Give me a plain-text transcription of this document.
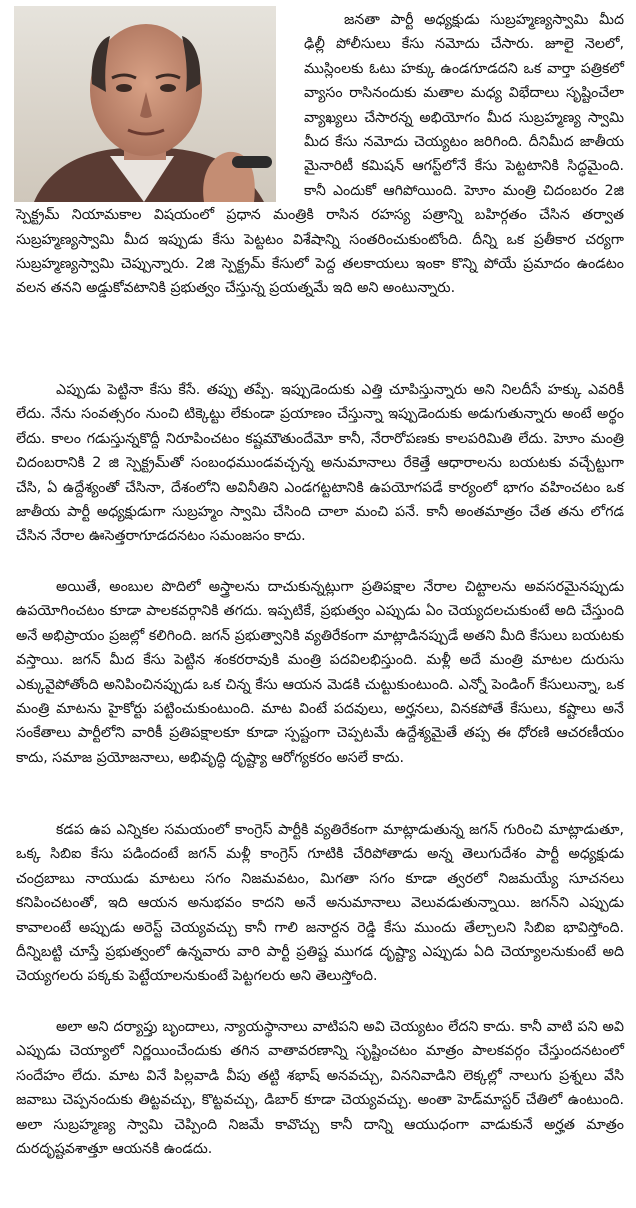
జనతా పార్టీ అధ్యక్షుడు సుబ్రహ్మణ్యస్వామి మీద ఢిల్లీ పోలీసులు కేసు నమోదు చేసారు. జూలై నెలలో, ముస్లింలకు ఓటు హక్కు ఉండగూడదని ఒక వార్తా పత్రికలో వ్యాసం రాసినందుకు మతాల మధ్య విభేదాలు సృష్టించేలా వ్యాఖ్యలు చేసారన్న అభియోగం మీద సుబ్రహ్మణ్య స్వామి మీద కేసు నమోదు చెయ్యటం జరిగింది. దీనిమీద జాతీయ మైనారిటీ కమిషన్ ఆగస్ట్‌లోనే కేసు పెట్టటానికి సిద్ధమైంది. కానీ ఎందుకో ఆగిపోయింది. హెూం మంత్రి చిదంబరం 2జి స్పెక్ట్రమ్ నియామకాల విషయంలో ప్రధాన మంత్రికి రాసిన రహస్య పత్రాన్ని బహిర్గతం చేసిన తర్వాత సుబ్రహ్మణ్యస్వామి మీద ఇప్పుడు కేసు పెట్టటం విశేషాన్ని సంతరించుకుంటోంది. దీన్ని ఒక ప్రతీకార చర్యగా సుబ్రహ్మణ్యస్వామి చెప్పున్నారు. 2జి స్పెక్ట్రమ్ కేసులో పెద్ద తలకాయలు ఇంకా కొన్ని పోయే ప్రమాదం ఉండటం వలన తనని అడ్డుకోవటానికి ప్రభుత్వం చేస్తున్న ప్రయత్నమే ఇది అని అంటున్నారు.

ఎప్పుడు పెట్టినా కేసు కేసే. తప్పు తప్పే. ఇప్పుడెందుకు ఎత్తి చూపిస్తున్నారు అని నిలదీసే హక్కు ఎవరికీ లేదు. నేను సంవత్సరం నుంచి టిక్కెట్టు లేకుండా ప్రయాణం చేస్తున్నా ఇప్పుడెందుకు అడుగుతున్నారు అంటే అర్థం లేదు. కాలం గడుస్తున్నకొద్దీ నిరూపించటం కష్టమౌతుందేమో కానీ, నేరారోపణకు కాలపరిమితి లేదు. హెూం మంత్రి చిదంబరానికి 2 జి స్పెక్ట్రమ్‌తో సంబంధముండవచ్చన్న అనుమానాలు రేకెత్తే ఆధారాలను బయటకు వచ్చేట్టుగా చేసి, ఏ ఉద్దేశ్యంతో చేసినా, దేశంలోని అవినీతిని ఎండగట్టటానికి ఉపయోగపడే కార్యంలో భాగం వహించటం ఒక జాతీయ పార్టీ అధ్యక్షుడుగా సుబ్రహ్మం స్వామి చేసింది చాలా మంచి పనే. కానీ అంతమాత్రం చేత తను లోగడ చేసిన నేరాల ఊసెత్తరాగూడదనటం సమంజసం కాదు.

అయితే, అంబుల పొదిలో అస్త్రాలను దాచుకున్నట్లుగా ప్రతిపక్షాల నేరాల చిట్టాలను అవసరమైనప్పుడు ఉపయోగించటం కూడా పాలకవర్గానికి తగదు. ఇప్పటికే, ప్రభుత్వం ఎప్పుడు ఏం చెయ్యదలచుకుంటే అది చేస్తుంది అనే అభిప్రాయం ప్రజల్లో కలిగింది. జగన్ ప్రభుత్వానికి వ్యతిరేకంగా మాట్లాడినప్పుడే అతని మీది కేసులు బయటకు వస్తాయి. జగన్ మీద కేసు పెట్టిన శంకరరావుకి మంత్రి పదవిలభిస్తుంది. మళ్లీ అదే మంత్రి మాటల దురుసు ఎక్కువైపోతోంది అనిపించినప్పుడు ఒక చిన్న కేసు ఆయన మెడకి చుట్టుకుంటుంది. ఎన్నో పెండింగ్ కేసులున్నా, ఒక మంత్రి మాటను హైకోర్టు పట్టించుకుంటుంది. మాట వింటే పదవులు, అర్హనలు, వినకపోతే కేసులు, కష్టాలు అనే సంకేతాలు పార్టీలోని వారికీ ప్రతిపక్షాలకూ కూడా స్పష్టంగా చెప్పటమే ఉద్దేశ్యమైతే తప్ప ఈ ధోరణి ఆచరణీయం కాదు, సమాజ ప్రయోజనాలు, అభివృద్ధి దృష్ట్యా ఆరోగ్యకరం అసలే కాదు.

కడప ఉప ఎన్నికల సమయంలో కాంగ్రెస్ పార్టీకి వ్యతిరేకంగా మాట్లాడుతున్న జగన్ గురించి మాట్లాడుతూ, ఒక్క సిబిఐ కేసు పడిందంటే జగన్ మళ్లీ కాంగ్రెస్ గూటికి చేరిపోతాడు అన్న తెలుగుదేశం పార్టీ అధ్యక్షుడు చంద్రబాబు నాయుడు మాటలు సగం నిజమవటం, మిగతా సగం కూడా త్వరలో నిజమయ్యే సూచనలు కనిపించటంతో, ఇది ఆయన అనుభవం కాదని అనే అనుమానాలు వెలువడుతున్నాయి. జగన్‌ని ఎప్పుడు కావాలంటే అప్పుడు అరెస్ట్ చెయ్యవచ్చు కానీ గాలి జనార్దన రెడ్డి కేసు ముందు తేల్చాలని సిబిఐ భావిస్తోంది. దీన్నిబట్టి చూస్తే ప్రభుత్వంలో ఉన్నవారు వారి పార్టీ ప్రతిష్ట ముగడ దృష్ట్యా ఎప్పుడు ఏది చెయ్యాలనుకుంటే అది చెయ్యగలరు పక్కకు పెట్టేయాలనుకుంటే పెట్టగలరు అని తెలుస్తోంది.

అలా అని దర్యాప్తు బృందాలు, న్యాయస్థానాలు వాటిపని అవి చెయ్యటం లేదని కాదు. కానీ వాటి పని అవి ఎప్పుడు చెయ్యాలో నిర్ణయించేందుకు తగిన వాతావరణాన్ని సృష్టించటం మాత్రం పాలకవర్గం చేస్తుందనటంలో సందేహం లేదు. మాట వినే పిల్లవాడి వీపు తట్టి శభాష్ అనవచ్చు, విననివాడిని లెక్కల్లో నాలుగు ప్రశ్నలు వేసి జవాబు చెప్పనందుకు తిట్టవచ్చు, కొట్టవచ్చు, డిబార్ కూడా చెయ్యవచ్చు. అంతా హెడ్‌మాస్టర్ చేతిలో ఉంటుంది. అలా సుబ్రహ్మణ్య స్వామి చెప్పింది నిజమే కావొచ్చు కానీ దాన్ని ఆయుధంగా వాడుకునే అర్హత మాత్రం దురదృష్టవశాత్తూ ఆయనకి ఉండదు.
